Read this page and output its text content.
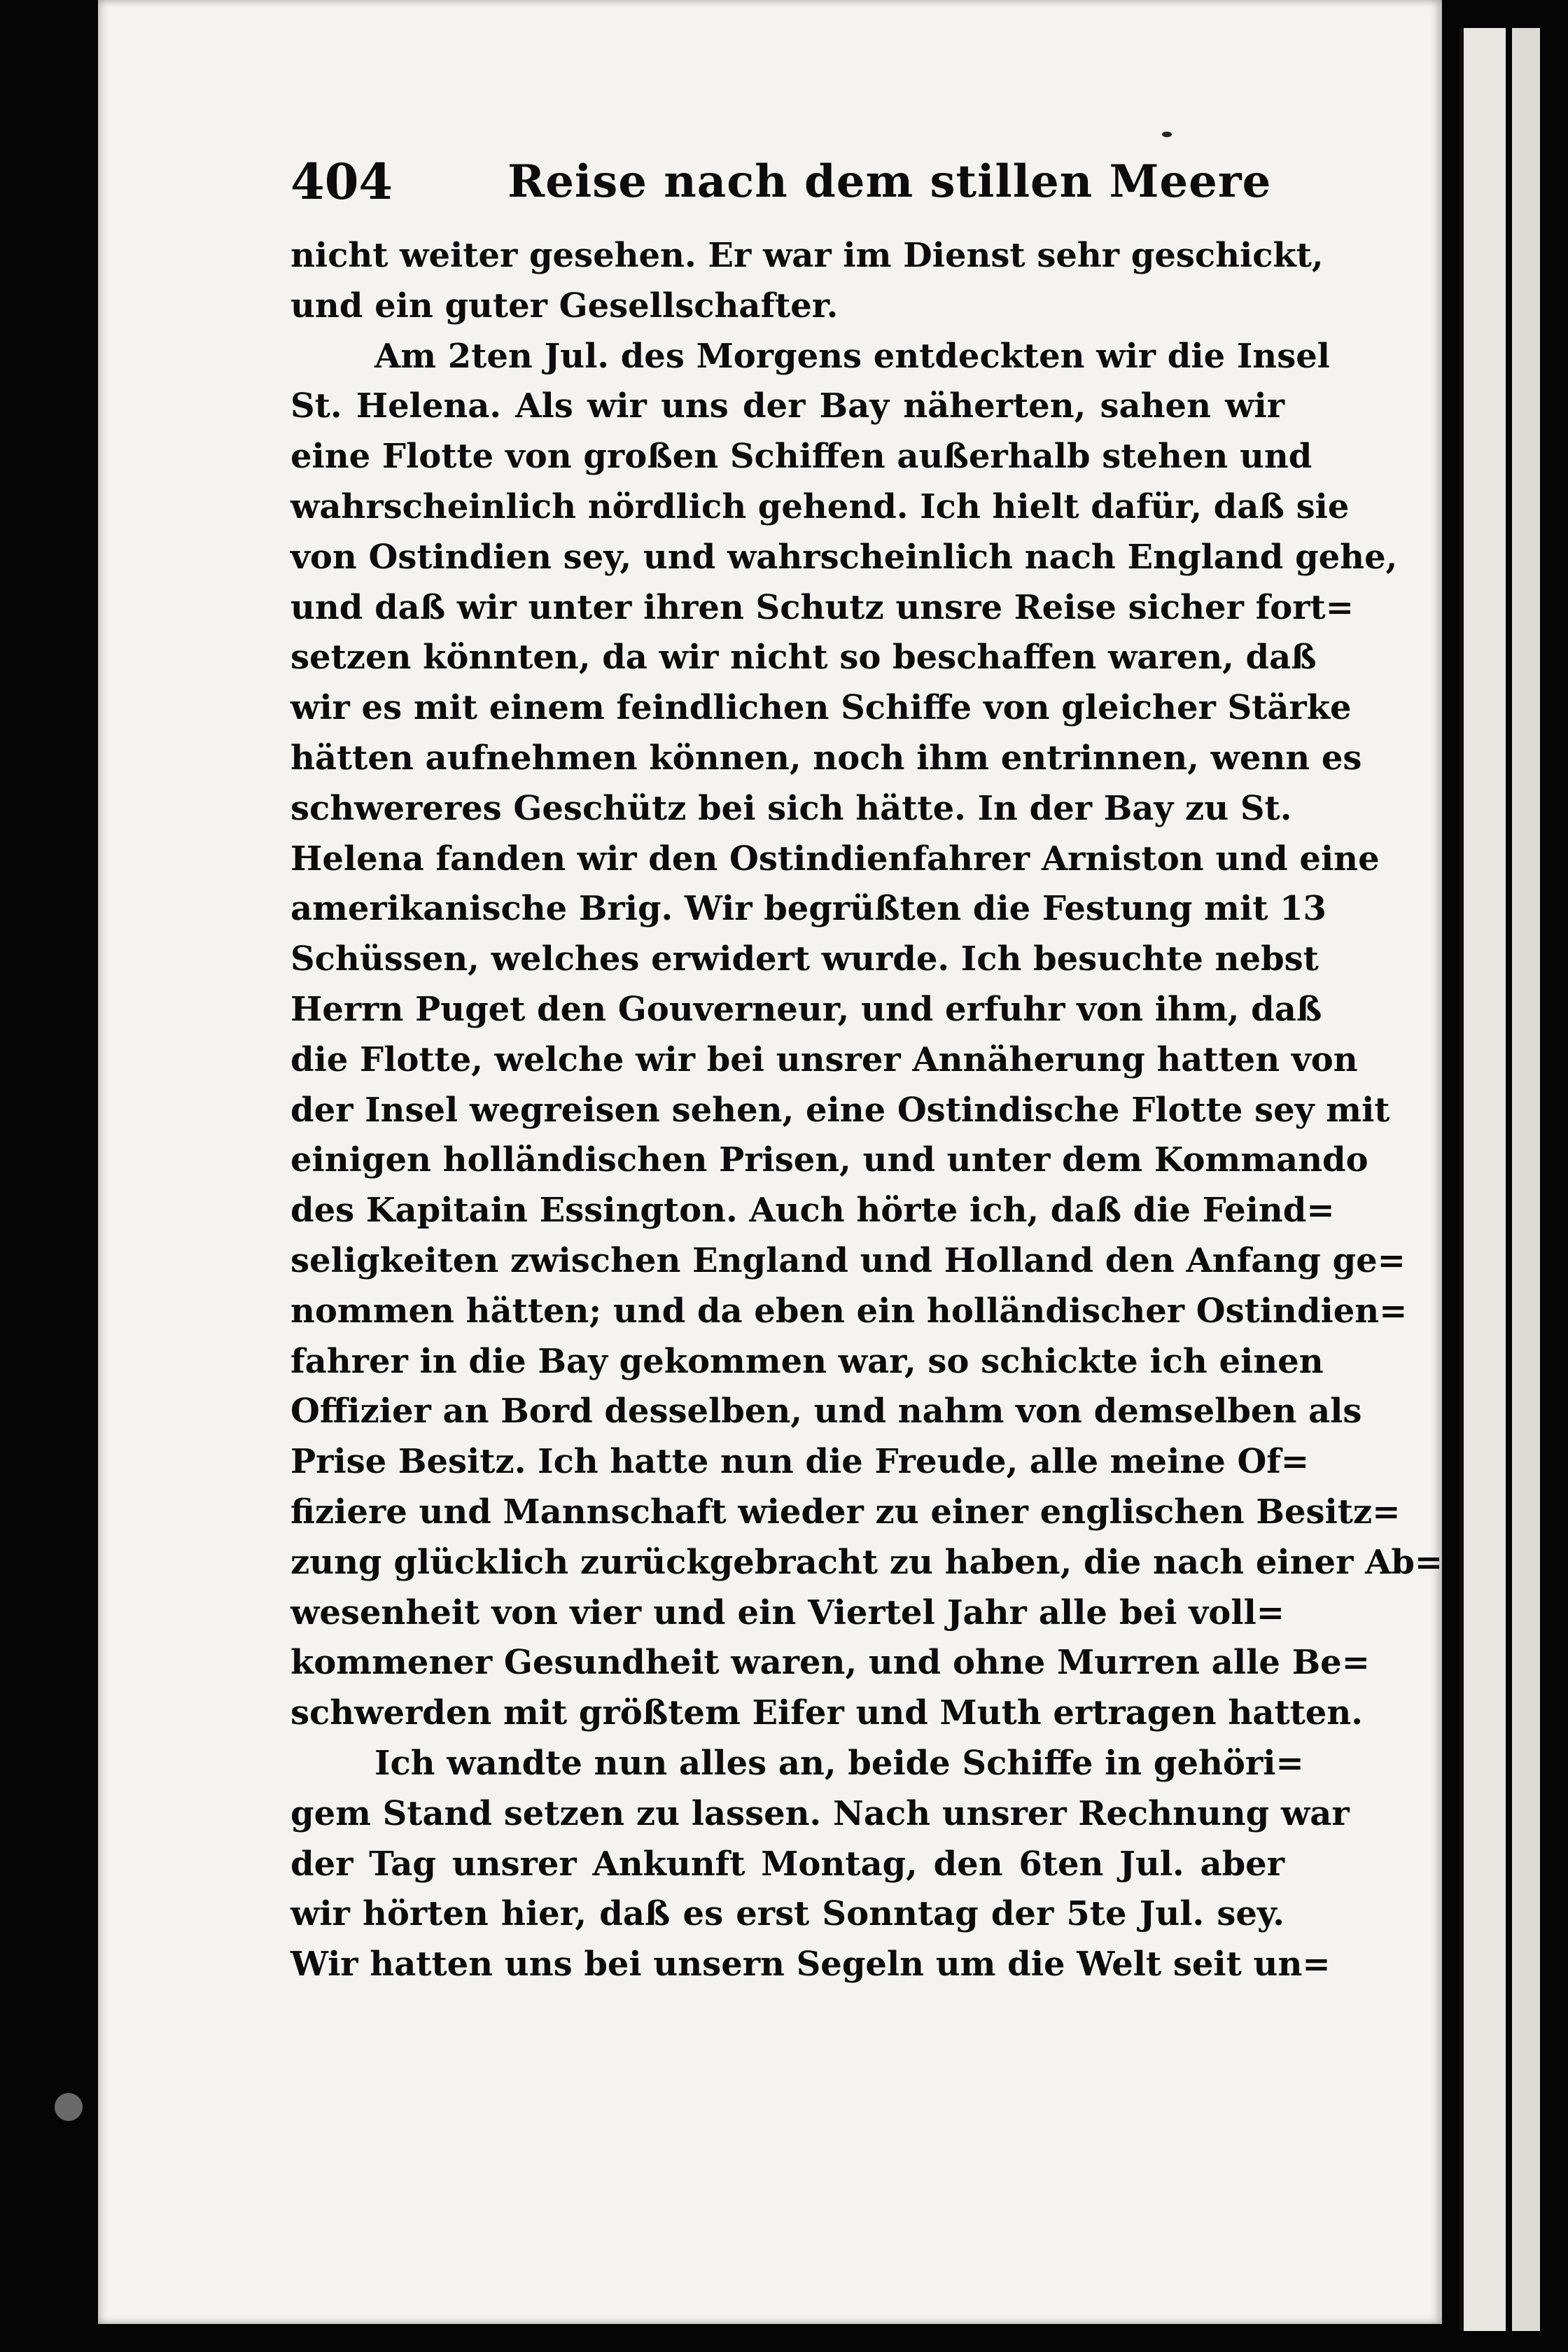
404	Reise nach dem stillen Meere
nicht weiter gesehen. Er war im Dienst sehr geschickt,
und ein guter Gesellschafter.
Am 2ten Jul. des Morgens entdeckten wir die Insel
St. Helena. Als wir uns der Bay näherten, sahen wir
eine Flotte von großen Schiffen außerhalb stehen und
wahrscheinlich nördlich gehend. Ich hielt dafür, daß sie
von Ostindien sey, und wahrscheinlich nach England gehe,
und daß wir unter ihren Schutz unsre Reise sicher fort=
setzen könnten, da wir nicht so beschaffen waren, daß
wir es mit einem feindlichen Schiffe von gleicher Stärke
hätten aufnehmen können, noch ihm entrinnen, wenn es
schwereres Geschütz bei sich hätte. In der Bay zu St.
Helena fanden wir den Ostindienfahrer Arniston und eine
amerikanische Brig. Wir begrüßten die Festung mit 13
Schüssen, welches erwidert wurde. Ich besuchte nebst
Herrn Puget den Gouverneur, und erfuhr von ihm, daß
die Flotte, welche wir bei unsrer Annäherung hatten von
der Insel wegreisen sehen, eine Ostindische Flotte sey mit
einigen holländischen Prisen, und unter dem Kommando
des Kapitain Essington. Auch hörte ich, daß die Feind=
seligkeiten zwischen England und Holland den Anfang ge=
nommen hätten; und da eben ein holländischer Ostindien=
fahrer in die Bay gekommen war, so schickte ich einen
Offizier an Bord desselben, und nahm von demselben als
Prise Besitz. Ich hatte nun die Freude, alle meine Of=
fiziere und Mannschaft wieder zu einer englischen Besitz=
zung glücklich zurückgebracht zu haben, die nach einer Ab=
wesenheit von vier und ein Viertel Jahr alle bei voll=
kommener Gesundheit waren, und ohne Murren alle Be=
schwerden mit größtem Eifer und Muth ertragen hatten.
Ich wandte nun alles an, beide Schiffe in gehöri=
gem Stand setzen zu lassen. Nach unsrer Rechnung war
der Tag unsrer Ankunft Montag, den 6ten Jul. aber
wir hörten hier, daß es erst Sonntag der 5te Jul. sey.
Wir hatten uns bei unsern Segeln um die Welt seit un=
